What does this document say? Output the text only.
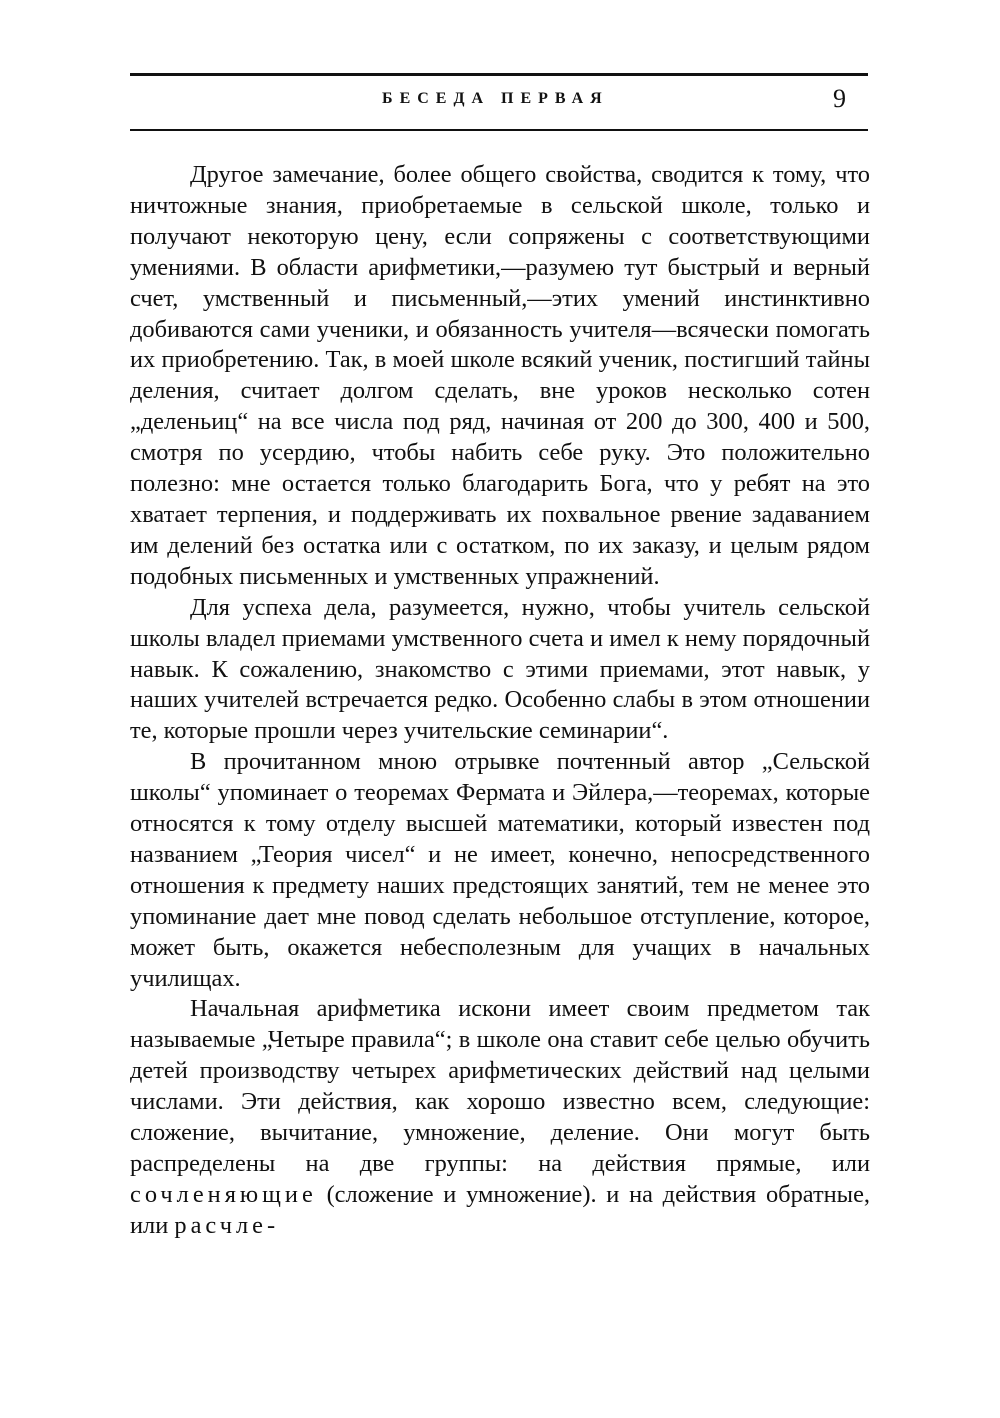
БЕСЕДА ПЕРВАЯ	9

Другое замечание, более общего свойства, сводится к тому, что ничтожные знания, приобретаемые в сельской школе, только и получают некоторую цену, если сопряжены с соответствующими умениями. В области арифметики,—разумею тут быстрый и верный счет, умственный и письменный,—этих умений инстинктивно добиваются сами ученики, и обязанность учителя—всячески помогать их приобретению. Так, в моей школе всякий ученик, постигший тайны деления, считает долгом сделать, вне уроков несколько сотен „деленьиц“ на все числа под ряд, начиная от 200 до 300, 400 и 500, смотря по усердию, чтобы набить себе руку. Это положительно полезно: мне остается только благодарить Бога, что у ребят на это хватает терпения, и поддерживать их похвальное рвение задаванием им делений без остатка или с остатком, по их заказу, и целым рядом подобных письменных и умственных упражнений.

Для успеха дела, разумеется, нужно, чтобы учитель сельской школы владел приемами умственного счета и имел к нему порядочный навык. К сожалению, знакомство с этими приемами, этот навык, у наших учителей встречается редко. Особенно слабы в этом отношении те, которые прошли через учительские семинарии“.

В прочитанном мною отрывке почтенный автор „Сельской школы“ упоминает о теоремах Фермата и Эйлера,—теоремах, которые относятся к тому отделу высшей математики, который известен под названием „Теория чисел“ и не имеет, конечно, непосредственного отношения к предмету наших предстоящих занятий, тем не менее это упоминание дает мне повод сделать небольшое отступление, которое, может быть, окажется небесполезным для учащих в начальных училищах.

Начальная арифметика искони имеет своим предметом так называемые „Четыре правила“; в школе она ставит себе целью обучить детей производству четырех арифметических действий над целыми числами. Эти действия, как хорошо известно всем, следующие: сложение, вычитание, умножение, деление. Они могут быть распределены на две группы: на действия прямые, или сочленяющие (сложение и умножение). и на действия обратные, или расчле-
